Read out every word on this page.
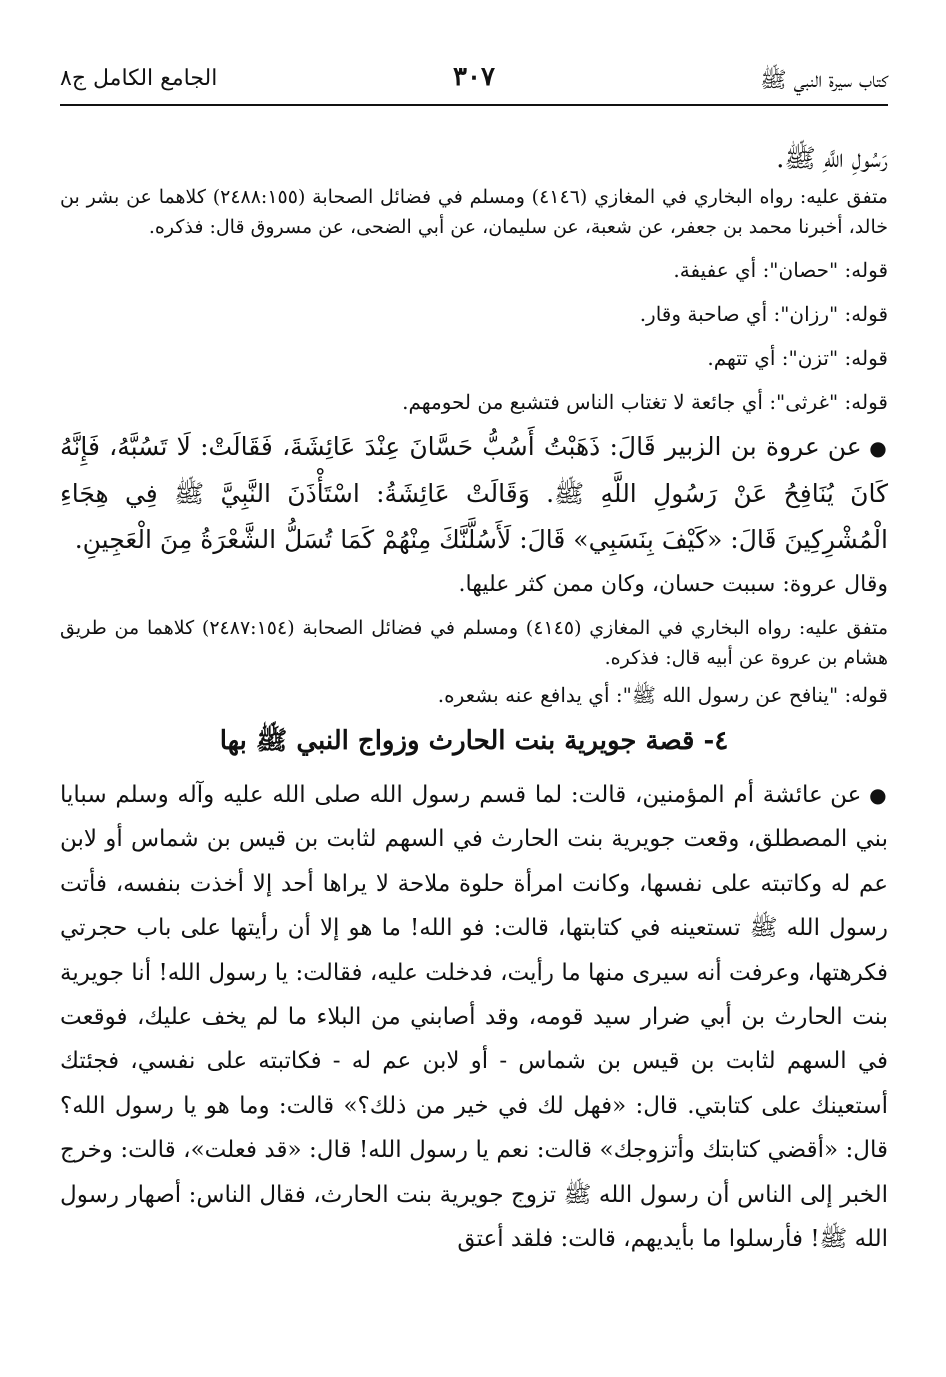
كتاب سيرة النبي ﷺ
٣٠٧
الجامع الكامل ج٨

رَسُولِ اللَّهِ ﷺ.

متفق عليه: رواه البخاري في المغازي (٤١٤٦) ومسلم في فضائل الصحابة (٢٤٨٨:١٥٥) كلاهما عن بشر بن خالد، أخبرنا محمد بن جعفر، عن شعبة، عن سليمان، عن أبي الضحى، عن مسروق قال: فذكره.

قوله: "حصان": أي عفيفة.

قوله: "رزان": أي صاحبة وقار.

قوله: "تزن": أي تتهم.

قوله: "غرثى": أي جائعة لا تغتاب الناس فتشبع من لحومهم.

● عن عروة بن الزبير قَالَ: ذَهَبْتُ أَسُبُّ حَسَّانَ عِنْدَ عَائِشَةَ، فَقَالَتْ: لَا تَسُبَّهُ، فَإِنَّهُ كَانَ يُنَافِحُ عَنْ رَسُولِ اللَّهِ ﷺ. وَقَالَتْ عَائِشَةُ: اسْتَأْذَنَ النَّبِيَّ ﷺ فِي هِجَاءِ الْمُشْرِكِينَ قَالَ: «كَيْفَ بِنَسَبِي» قَالَ: لَأَسُلَّنَّكَ مِنْهُمْ كَمَا تُسَلُّ الشَّعْرَةُ مِنَ الْعَجِينِ.

وقال عروة: سببت حسان، وكان ممن كثر عليها.

متفق عليه: رواه البخاري في المغازي (٤١٤٥) ومسلم في فضائل الصحابة (٢٤٨٧:١٥٤) كلاهما من طريق هشام بن عروة عن أبيه قال: فذكره.

قوله: "ينافح عن رسول الله ﷺ": أي يدافع عنه بشعره.

٤- قصة جويرية بنت الحارث وزواج النبي ﷺ بها

● عن عائشة أم المؤمنين، قالت: لما قسم رسول الله صلى الله عليه وآله وسلم سبايا بني المصطلق، وقعت جويرية بنت الحارث في السهم لثابت بن قيس بن شماس أو لابن عم له وكاتبته على نفسها، وكانت امرأة حلوة ملاحة لا يراها أحد إلا أخذت بنفسه، فأتت رسول الله ﷺ تستعينه في كتابتها، قالت: فو الله! ما هو إلا أن رأيتها على باب حجرتي فكرهتها، وعرفت أنه سيرى منها ما رأيت، فدخلت عليه، فقالت: يا رسول الله! أنا جويرية بنت الحارث بن أبي ضرار سيد قومه، وقد أصابني من البلاء ما لم يخف عليك، فوقعت في السهم لثابت بن قيس بن شماس - أو لابن عم له - فكاتبته على نفسي، فجئتك أستعينك على كتابتي. قال: «فهل لك في خير من ذلك؟» قالت: وما هو يا رسول الله؟ قال: «أقضي كتابتك وأتزوجك» قالت: نعم يا رسول الله! قال: «قد فعلت»، قالت: وخرج الخبر إلى الناس أن رسول الله ﷺ تزوج جويرية بنت الحارث، فقال الناس: أصهار رسول الله ﷺ! فأرسلوا ما بأيديهم، قالت: فلقد أعتق
